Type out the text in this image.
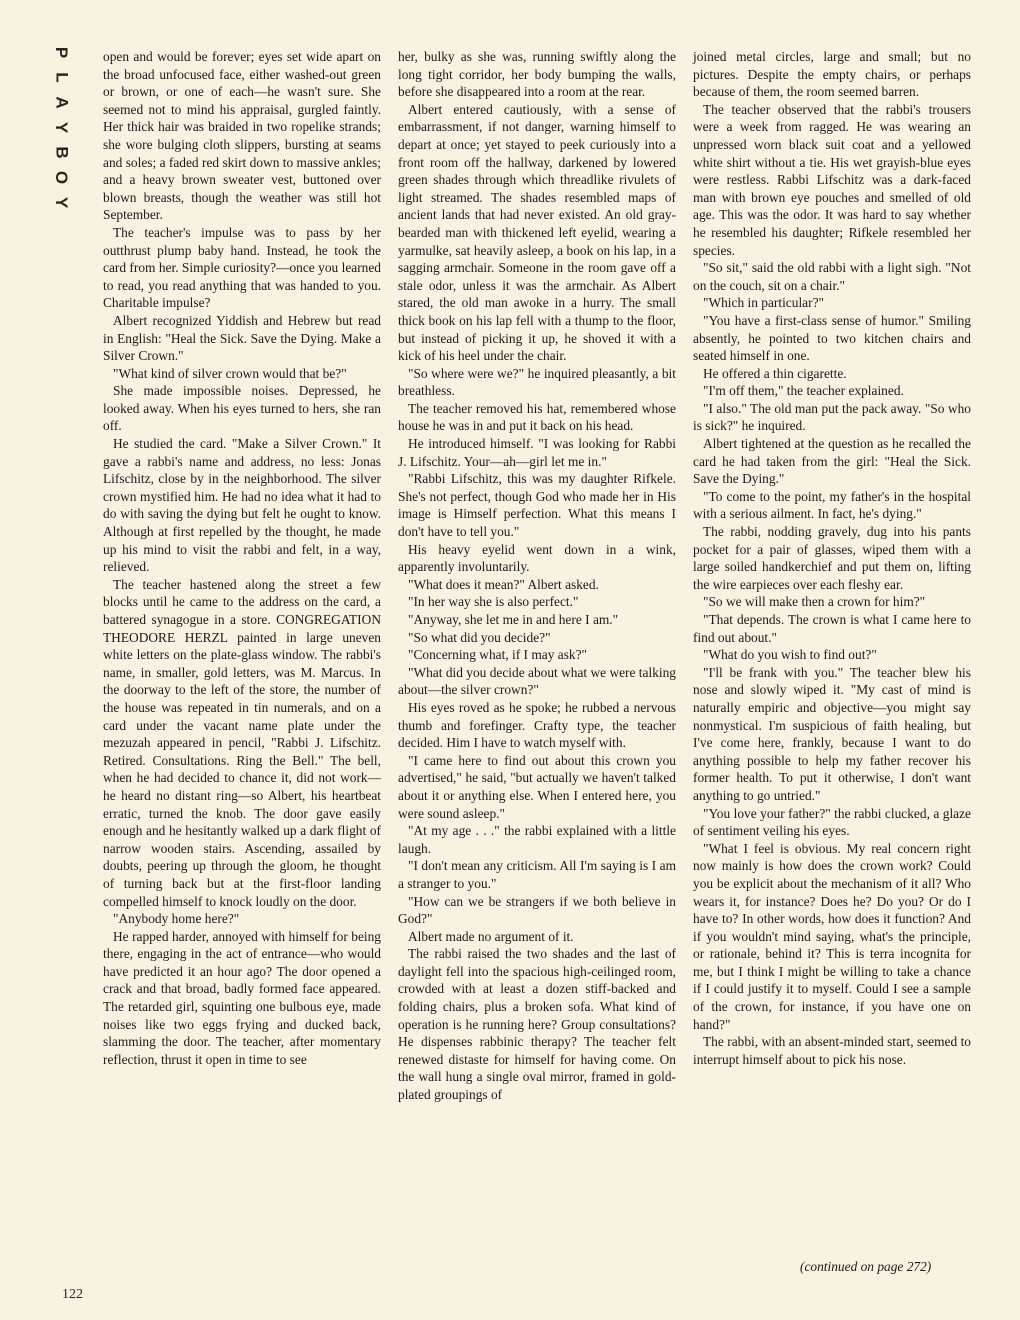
P
L
A
Y
B
O
Y
122

open and would be forever; eyes set wide apart on the broad unfocused face, either washed-out green or brown, or one of each—he wasn't sure. She seemed not to mind his appraisal, gurgled faintly. Her thick hair was braided in two ropelike strands; she wore bulging cloth slippers, bursting at seams and soles; a faded red skirt down to massive ankles; and a heavy brown sweater vest, buttoned over blown breasts, though the weather was still hot September.

The teacher's impulse was to pass by her outthrust plump baby hand. Instead, he took the card from her. Simple curiosity?—once you learned to read, you read anything that was handed to you. Charitable impulse?

Albert recognized Yiddish and Hebrew but read in English: "Heal the Sick. Save the Dying. Make a Silver Crown."

"What kind of silver crown would that be?"

She made impossible noises. Depressed, he looked away. When his eyes turned to hers, she ran off.

He studied the card. "Make a Silver Crown." It gave a rabbi's name and address, no less: Jonas Lifschitz, close by in the neighborhood. The silver crown mystified him. He had no idea what it had to do with saving the dying but felt he ought to know. Although at first repelled by the thought, he made up his mind to visit the rabbi and felt, in a way, relieved.

The teacher hastened along the street a few blocks until he came to the address on the card, a battered synagogue in a store. CONGREGATION THEODORE HERZL painted in large uneven white letters on the plate-glass window. The rabbi's name, in smaller, gold letters, was M. Marcus. In the doorway to the left of the store, the number of the house was repeated in tin numerals, and on a card under the vacant name plate under the mezuzah appeared in pencil, "Rabbi J. Lifschitz. Retired. Consultations. Ring the Bell." The bell, when he had decided to chance it, did not work—he heard no distant ring—so Albert, his heartbeat erratic, turned the knob. The door gave easily enough and he hesitantly walked up a dark flight of narrow wooden stairs. Ascending, assailed by doubts, peering up through the gloom, he thought of turning back but at the first-floor landing compelled himself to knock loudly on the door.

"Anybody home here?"

He rapped harder, annoyed with himself for being there, engaging in the act of entrance—who would have predicted it an hour ago? The door opened a crack and that broad, badly formed face appeared. The retarded girl, squinting one bulbous eye, made noises like two eggs frying and ducked back, slamming the door. The teacher, after momentary reflection, thrust it open in time to see

her, bulky as she was, running swiftly along the long tight corridor, her body bumping the walls, before she disappeared into a room at the rear.

Albert entered cautiously, with a sense of embarrassment, if not danger, warning himself to depart at once; yet stayed to peek curiously into a front room off the hallway, darkened by lowered green shades through which threadlike rivulets of light streamed. The shades resembled maps of ancient lands that had never existed. An old gray-bearded man with thickened left eyelid, wearing a yarmulke, sat heavily asleep, a book on his lap, in a sagging armchair. Someone in the room gave off a stale odor, unless it was the armchair. As Albert stared, the old man awoke in a hurry. The small thick book on his lap fell with a thump to the floor, but instead of picking it up, he shoved it with a kick of his heel under the chair.

"So where were we?" he inquired pleasantly, a bit breathless.

The teacher removed his hat, remembered whose house he was in and put it back on his head.

He introduced himself. "I was looking for Rabbi J. Lifschitz. Your—ah—girl let me in."

"Rabbi Lifschitz, this was my daughter Rifkele. She's not perfect, though God who made her in His image is Himself perfection. What this means I don't have to tell you."

His heavy eyelid went down in a wink, apparently involuntarily.

"What does it mean?" Albert asked.

"In her way she is also perfect."

"Anyway, she let me in and here I am."

"So what did you decide?"

"Concerning what, if I may ask?"

"What did you decide about what we were talking about—the silver crown?"

His eyes roved as he spoke; he rubbed a nervous thumb and forefinger. Crafty type, the teacher decided. Him I have to watch myself with.

"I came here to find out about this crown you advertised," he said, "but actually we haven't talked about it or anything else. When I entered here, you were sound asleep."

"At my age . . ." the rabbi explained with a little laugh.

"I don't mean any criticism. All I'm saying is I am a stranger to you."

"How can we be strangers if we both believe in God?"

Albert made no argument of it.

The rabbi raised the two shades and the last of daylight fell into the spacious high-ceilinged room, crowded with at least a dozen stiff-backed and folding chairs, plus a broken sofa. What kind of operation is he running here? Group consultations? He dispenses rabbinic therapy? The teacher felt renewed distaste for himself for having come. On the wall hung a single oval mirror, framed in gold-plated groupings of

joined metal circles, large and small; but no pictures. Despite the empty chairs, or perhaps because of them, the room seemed barren.

The teacher observed that the rabbi's trousers were a week from ragged. He was wearing an unpressed worn black suit coat and a yellowed white shirt without a tie. His wet grayish-blue eyes were restless. Rabbi Lifschitz was a dark-faced man with brown eye pouches and smelled of old age. This was the odor. It was hard to say whether he resembled his daughter; Rifkele resembled her species.

"So sit," said the old rabbi with a light sigh. "Not on the couch, sit on a chair."

"Which in particular?"

"You have a first-class sense of humor." Smiling absently, he pointed to two kitchen chairs and seated himself in one.

He offered a thin cigarette.

"I'm off them," the teacher explained.

"I also." The old man put the pack away. "So who is sick?" he inquired.

Albert tightened at the question as he recalled the card he had taken from the girl: "Heal the Sick. Save the Dying."

"To come to the point, my father's in the hospital with a serious ailment. In fact, he's dying."

The rabbi, nodding gravely, dug into his pants pocket for a pair of glasses, wiped them with a large soiled handkerchief and put them on, lifting the wire earpieces over each fleshy ear.

"So we will make then a crown for him?"

"That depends. The crown is what I came here to find out about."

"What do you wish to find out?"

"I'll be frank with you." The teacher blew his nose and slowly wiped it. "My cast of mind is naturally empiric and objective—you might say nonmystical. I'm suspicious of faith healing, but I've come here, frankly, because I want to do anything possible to help my father recover his former health. To put it otherwise, I don't want anything to go untried."

"You love your father?" the rabbi clucked, a glaze of sentiment veiling his eyes.

"What I feel is obvious. My real concern right now mainly is how does the crown work? Could you be explicit about the mechanism of it all? Who wears it, for instance? Does he? Do you? Or do I have to? In other words, how does it function? And if you wouldn't mind saying, what's the principle, or rationale, behind it? This is terra incognita for me, but I think I might be willing to take a chance if I could justify it to myself. Could I see a sample of the crown, for instance, if you have one on hand?"

The rabbi, with an absent-minded start, seemed to interrupt himself about to pick his nose.

(continued on page 272)
